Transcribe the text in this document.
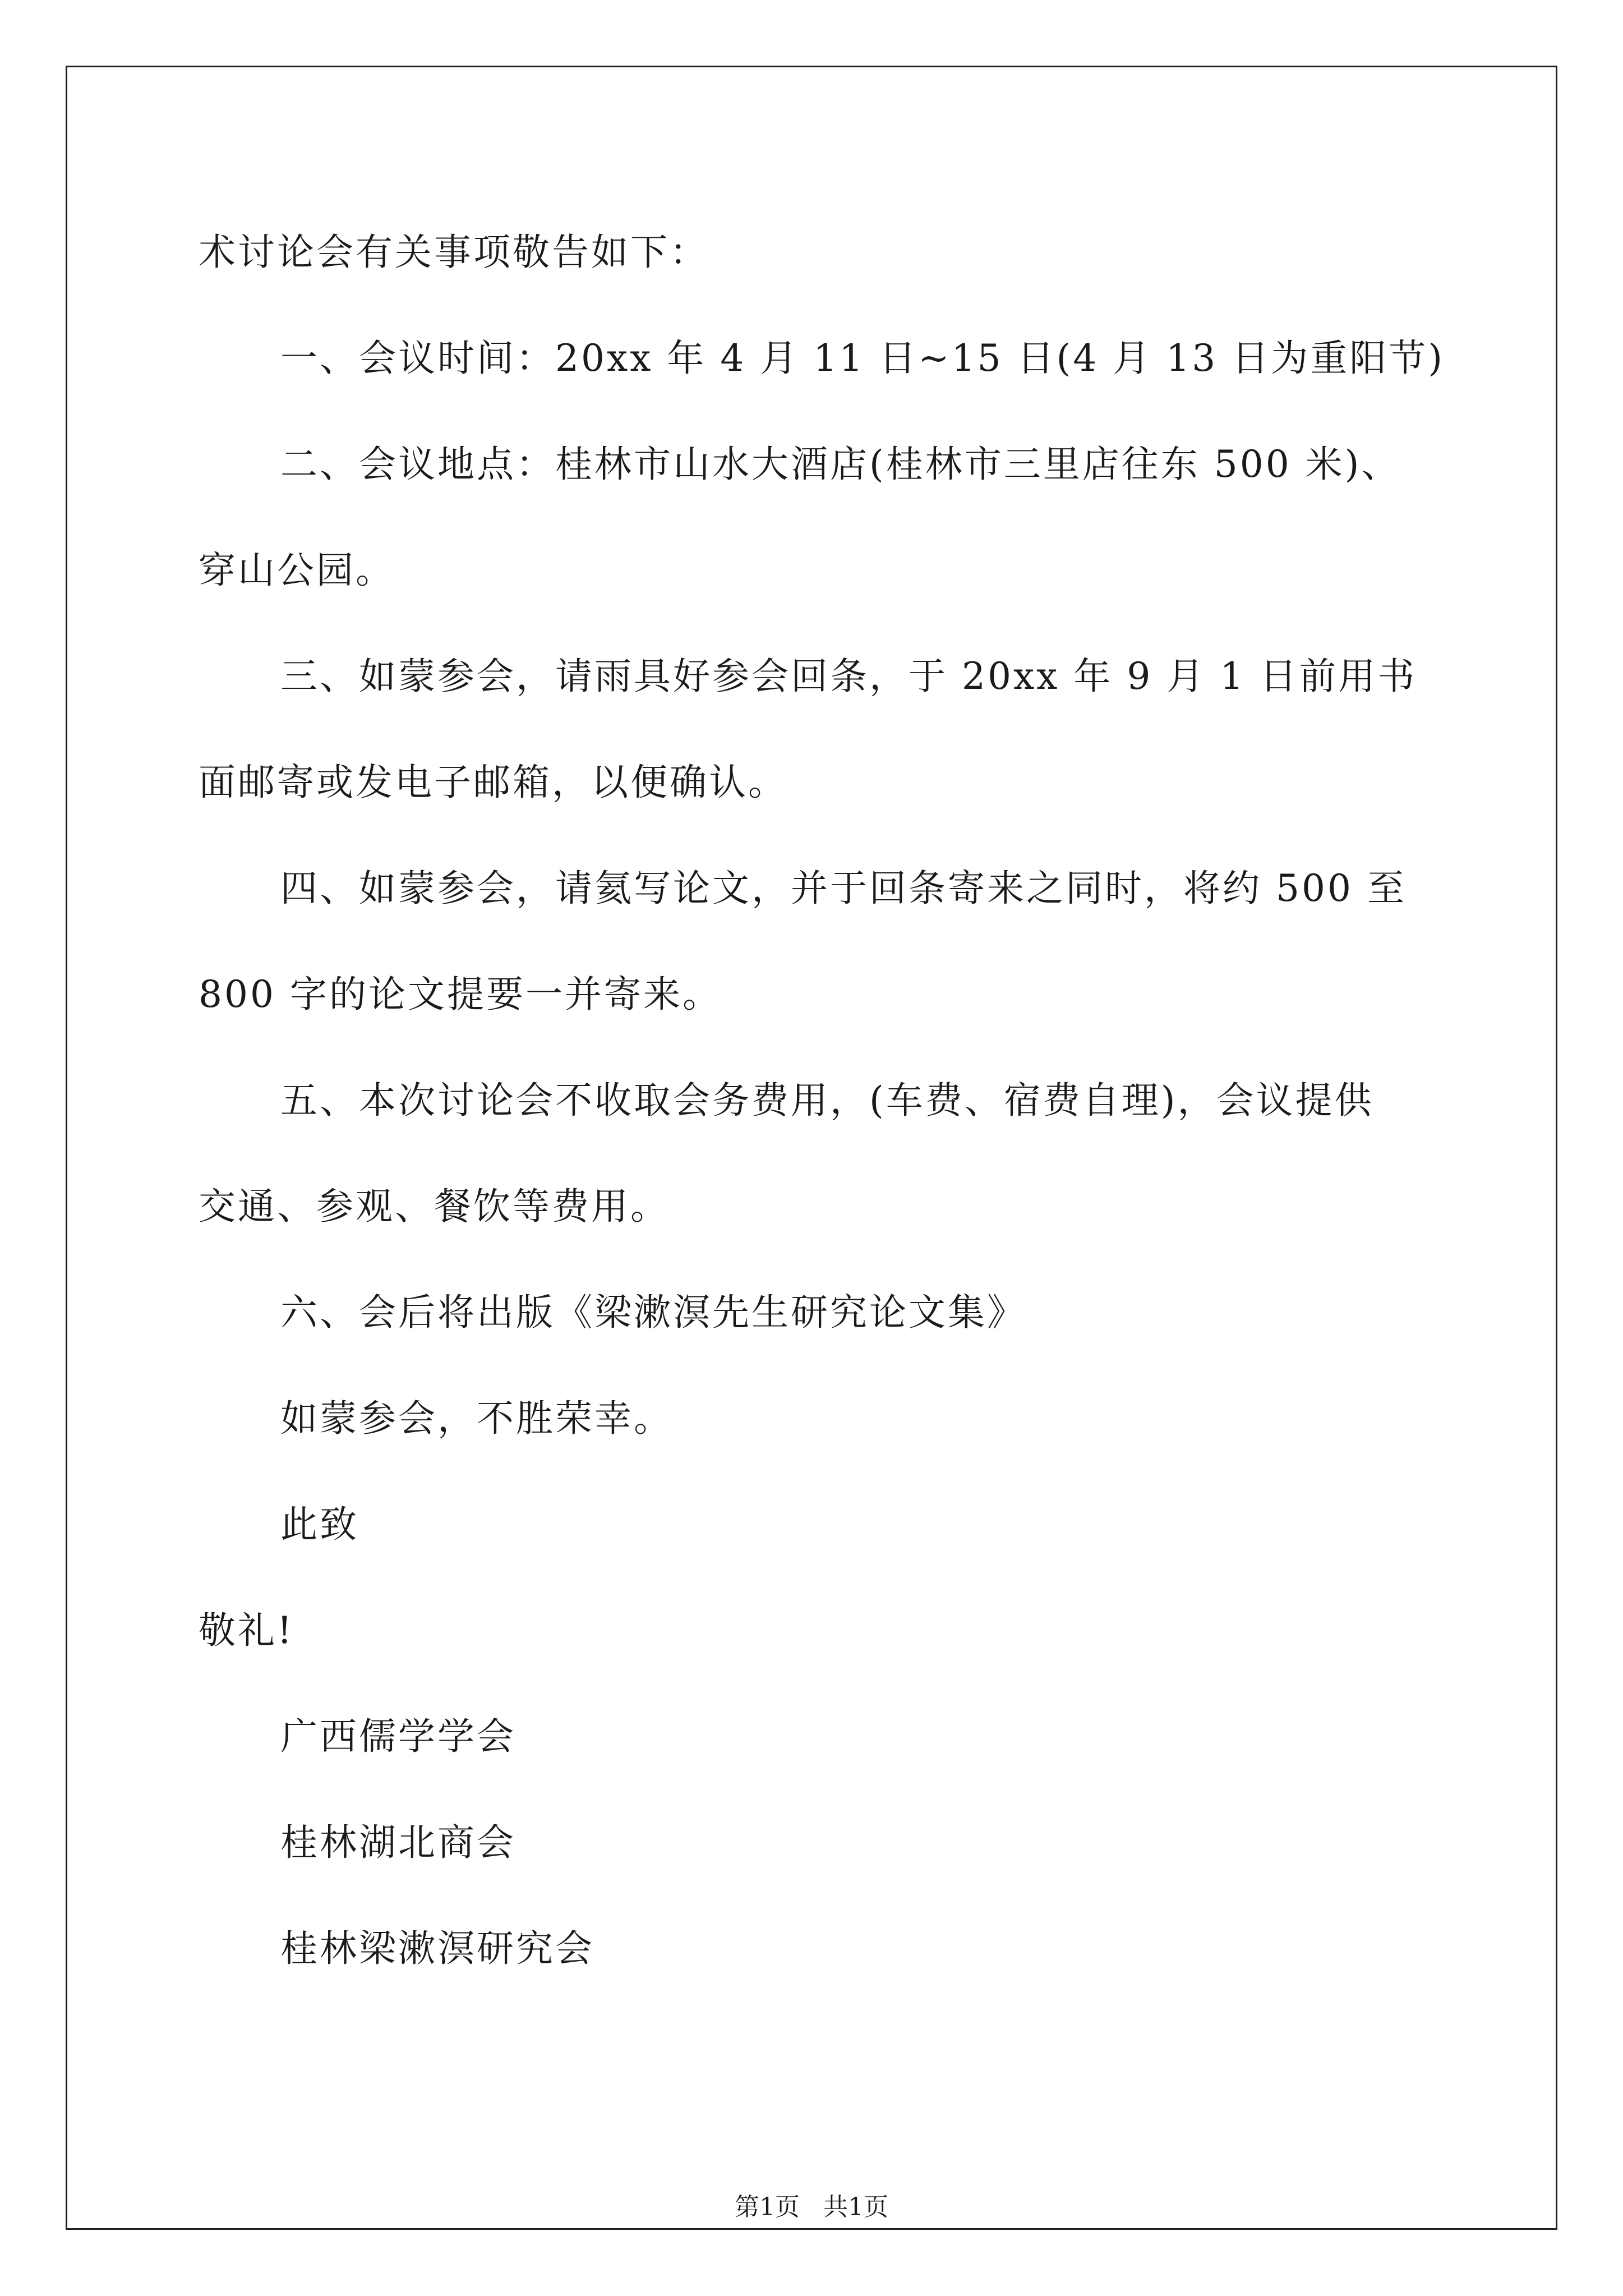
术讨论会有关事项敬告如下：
一、会议时间：20xx 年 4 月 11 日~15 日(4 月 13 日为重阳节)
二、会议地点：桂林市山水大酒店(桂林市三里店往东 500 米)、
穿山公园。
三、如蒙参会，请雨具好参会回条，于 20xx 年 9 月 1 日前用书
面邮寄或发电子邮箱，以便确认。
四、如蒙参会，请氦写论文，并于回条寄来之同时，将约 500 至
800 字的论文提要一并寄来。
五、本次讨论会不收取会务费用，(车费、宿费自理)，会议提供
交通、参观、餐饮等费用。
六、会后将出版《梁漱溟先生研究论文集》
如蒙参会，不胜荣幸。
此致
敬礼!
广西儒学学会
桂林湖北商会
桂林梁漱溟研究会
第1页   共1页
